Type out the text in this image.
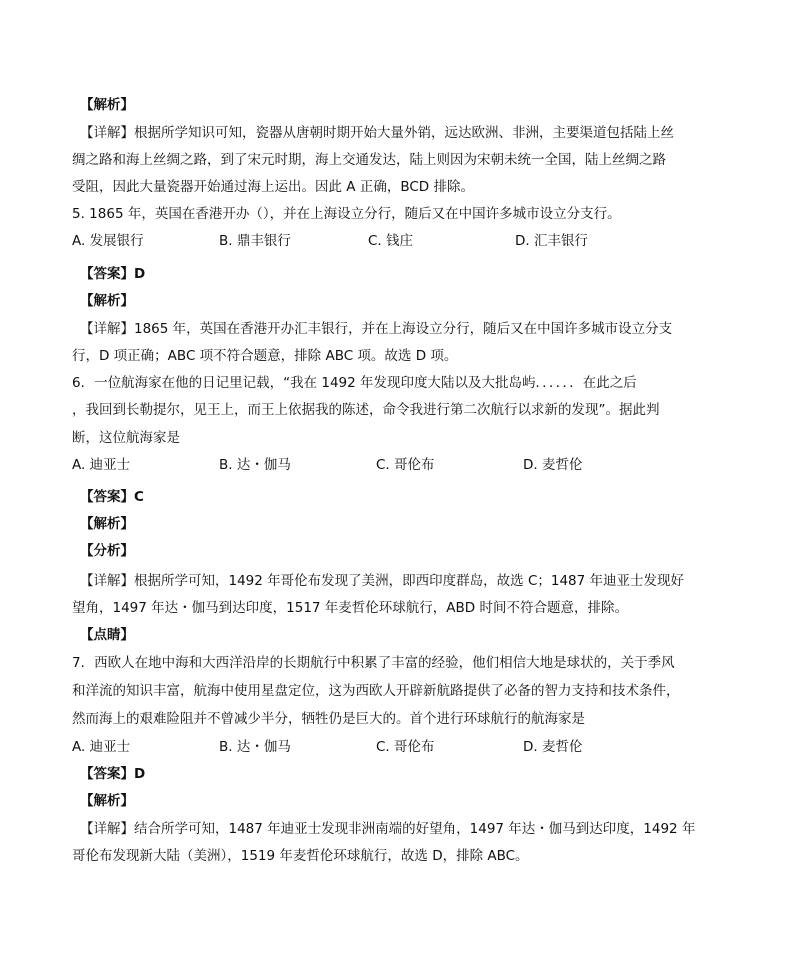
【解析】
【详解】根据所学知识可知，瓷器从唐朝时期开始大量外销，远达欧洲、非洲，主要渠道包括陆上丝
绸之路和海上丝绸之路，到了宋元时期，海上交通发达，陆上则因为宋朝未统一全国，陆上丝绸之路
受阻，因此大量瓷器开始通过海上运出。因此 A 正确，BCD 排除。
5. 1865 年，英国在香港开办（），并在上海设立分行，随后又在中国许多城市设立分支行。
A. 发展银行	B. 鼎丰银行	C. 钱庄	D. 汇丰银行
【答案】D
【解析】
【详解】1865 年，英国在香港开办汇丰银行，并在上海设立分行，随后又在中国许多城市设立分支
行，D 项正确；ABC 项不符合题意，排除 ABC 项。故选 D 项。
6．一位航海家在他的日记里记载，“我在 1492 年发现印度大陆以及大批岛屿．．．．．．在此之后
，我回到长勒提尔，见王上，而王上依据我的陈述，命令我进行第二次航行以求新的发现”。据此判
断，这位航海家是
A. 迪亚士	B. 达・伽马	C. 哥伦布	D. 麦哲伦
【答案】C
【解析】
【分析】
【详解】根据所学可知，1492 年哥伦布发现了美洲，即西印度群岛，故选 C；1487 年迪亚士发现好
望角，1497 年达・伽马到达印度，1517 年麦哲伦环球航行，ABD 时间不符合题意，排除。
【点睛】
7．西欧人在地中海和大西洋沿岸的长期航行中积累了丰富的经验，他们相信大地是球状的，关于季风
和洋流的知识丰富，航海中使用星盘定位，这为西欧人开辟新航路提供了必备的智力支持和技术条件，
然而海上的艰难险阻并不曾减少半分，牺牲仍是巨大的。首个进行环球航行的航海家是
A. 迪亚士	B. 达・伽马	C. 哥伦布	D. 麦哲伦
【答案】D
【解析】
【详解】结合所学可知，1487 年迪亚士发现非洲南端的好望角，1497 年达・伽马到达印度，1492 年
哥伦布发现新大陆（美洲），1519 年麦哲伦环球航行，故选 D，排除 ABC。
